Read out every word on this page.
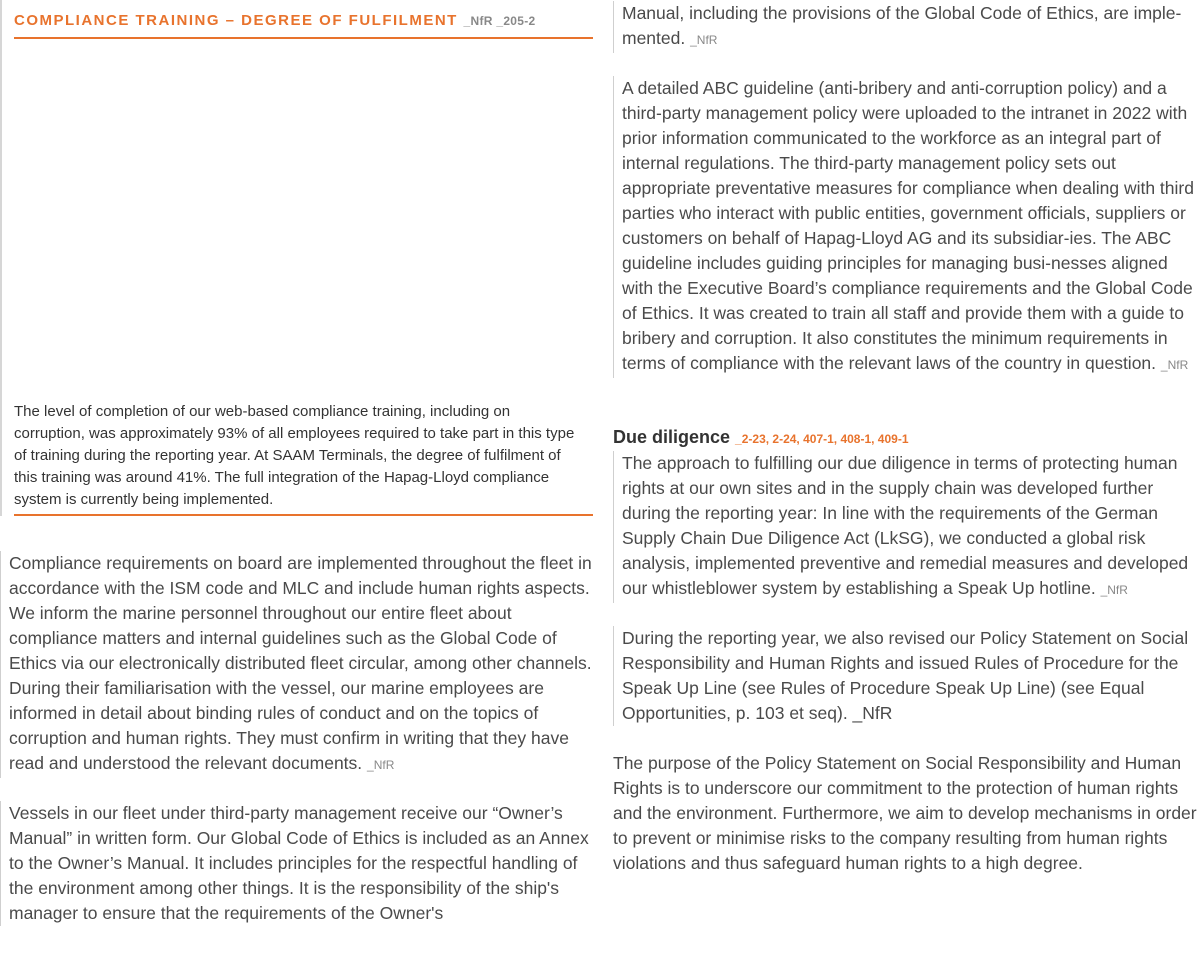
COMPLIANCE TRAINING – DEGREE OF FULFILMENT _NfR _205-2
The level of completion of our web-based compliance training, including on corruption, was approximately 93% of all employees required to take part in this type of training during the reporting year. At SAAM Terminals, the degree of fulfilment of this training was around 41%. The full integration of the Hapag-Lloyd compliance system is currently being implemented.
Compliance requirements on board are implemented throughout the fleet in accordance with the ISM code and MLC and include human rights aspects. We inform the marine personnel throughout our entire fleet about compliance matters and internal guidelines such as the Global Code of Ethics via our electronically distributed fleet circular, among other channels. During their familiarisation with the vessel, our marine employees are informed in detail about binding rules of conduct and on the topics of corruption and human rights. They must confirm in writing that they have read and understood the relevant documents. _NfR
Vessels in our fleet under third-party management receive our “Owner’s Manual” in written form. Our Global Code of Ethics is included as an Annex to the Owner’s Manual. It includes principles for the respectful handling of the environment among other things. It is the responsibility of the ship's manager to ensure that the requirements of the Owner's
Manual, including the provisions of the Global Code of Ethics, are imple-mented. _NfR
A detailed ABC guideline (anti-bribery and anti-corruption policy) and a third-party management policy were uploaded to the intranet in 2022 with prior information communicated to the workforce as an integral part of internal regulations. The third-party management policy sets out appropriate preventative measures for compliance when dealing with third parties who interact with public entities, government officials, suppliers or customers on behalf of Hapag-Lloyd AG and its subsidiar-ies. The ABC guideline includes guiding principles for managing busi-nesses aligned with the Executive Board’s compliance requirements and the Global Code of Ethics. It was created to train all staff and provide them with a guide to bribery and corruption. It also constitutes the minimum requirements in terms of compliance with the relevant laws of the country in question. _NfR
Due diligence _2-23, 2-24, 407-1, 408-1, 409-1
The approach to fulfilling our due diligence in terms of protecting human rights at our own sites and in the supply chain was developed further during the reporting year: In line with the requirements of the German Supply Chain Due Diligence Act (LkSG), we conducted a global risk analysis, implemented preventive and remedial measures and developed our whistleblower system by establishing a Speak Up hotline. _NfR
During the reporting year, we also revised our Policy Statement on Social Responsibility and Human Rights and issued Rules of Procedure for the Speak Up Line (see Rules of Procedure Speak Up Line) (see Equal Opportunities, p. 103 et seq). _NfR
The purpose of the Policy Statement on Social Responsibility and Human Rights is to underscore our commitment to the protection of human rights and the environment. Furthermore, we aim to develop mechanisms in order to prevent or minimise risks to the company resulting from human rights violations and thus safeguard human rights to a high degree.
